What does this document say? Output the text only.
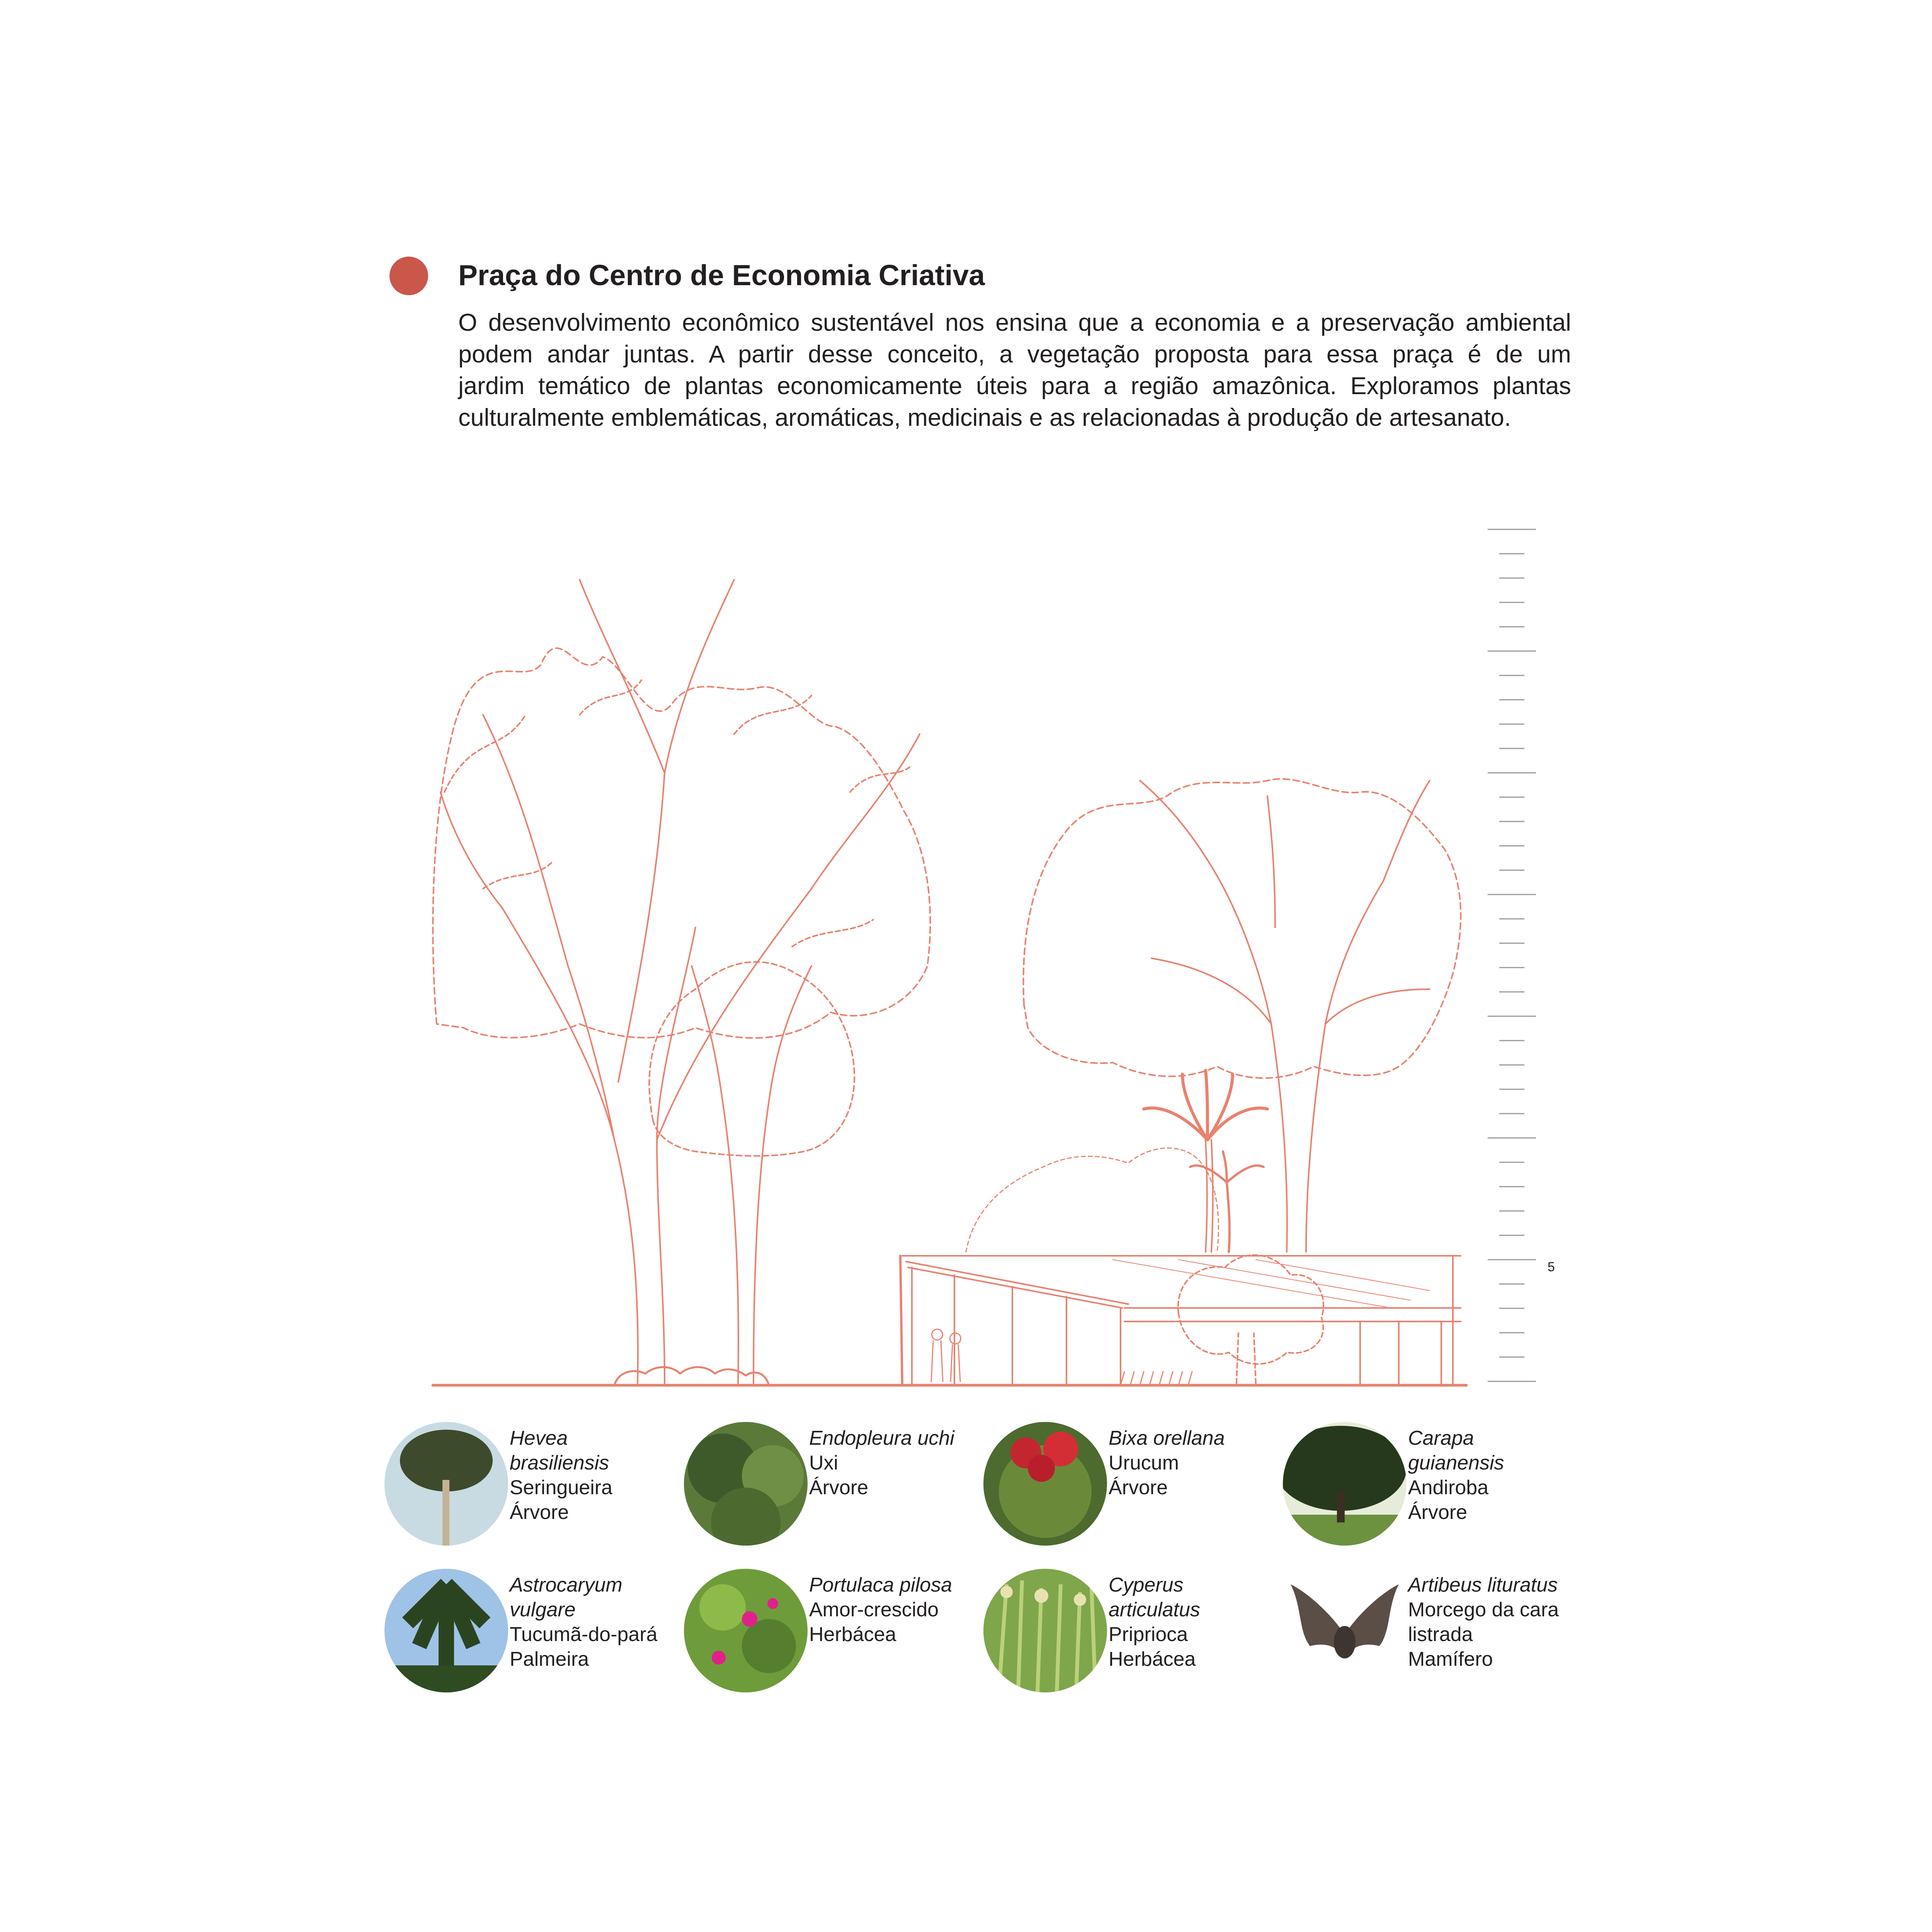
Praça do Centro de Economia Criativa
O desenvolvimento econômico sustentável nos ensina que a economia e a preservação ambiental
podem andar juntas. A partir desse conceito, a vegetação proposta para essa praça é de um
jardim temático de plantas economicamente úteis para a região amazônica. Exploramos plantas
culturalmente emblemáticas, aromáticas, medicinais e as relacionadas à produção de artesanato.
5
Hevea
brasiliensis
Seringueira
Árvore
Endopleura uchi
Uxi
Árvore
Bixa orellana
Urucum
Árvore
Carapa
guianensis
Andiroba
Árvore
Astrocaryum
vulgare
Tucumã-do-pará
Palmeira
Portulaca pilosa
Amor-crescido
Herbácea
Cyperus
articulatus
Priprioca
Herbácea
Artibeus lituratus
Morcego da cara
listrada
Mamífero
